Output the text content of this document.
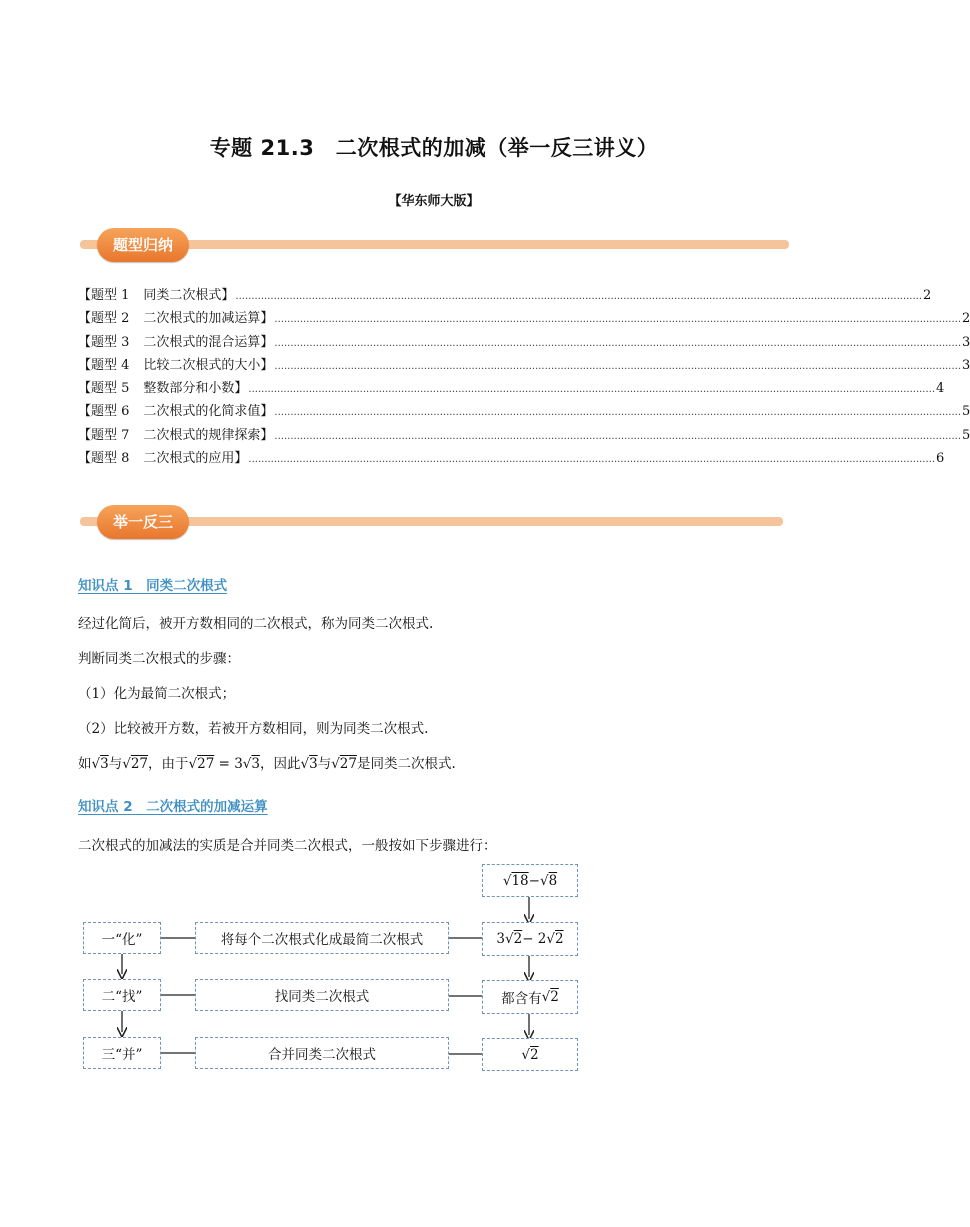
专题 21.3　二次根式的加减（举一反三讲义）
【华东师大版】
题型归纳
【题型 1 同类二次根式】 ........................................................................................................................................................................................................................ 2
【题型 2 二次根式的加减运算】 ........................................................................................................................................................................................................................ 2
【题型 3 二次根式的混合运算】 ........................................................................................................................................................................................................................ 3
【题型 4 比较二次根式的大小】 ........................................................................................................................................................................................................................ 3
【题型 5 整数部分和小数】 ........................................................................................................................................................................................................................ 4
【题型 6 二次根式的化简求值】 ........................................................................................................................................................................................................................ 5
【题型 7 二次根式的规律探索】 ........................................................................................................................................................................................................................ 5
【题型 8 二次根式的应用】 ........................................................................................................................................................................................................................ 6
举一反三
知识点 1　同类二次根式
经过化简后，被开方数相同的二次根式，称为同类二次根式.
判断同类二次根式的步骤：
（1）化为最简二次根式；
（2）比较被开方数，若被开方数相同，则为同类二次根式.
如√3与√27，由于√27 = 3√3，因此√3与√27是同类二次根式.
知识点 2　二次根式的加减运算
二次根式的加减法的实质是合并同类二次根式，一般按如下步骤进行：
一“化”
二“找”
三“并”
将每个二次根式化成最简二次根式
找同类二次根式
合并同类二次根式
√18 − √8
3 √2 − 2 √2
都含有 √2
√2
